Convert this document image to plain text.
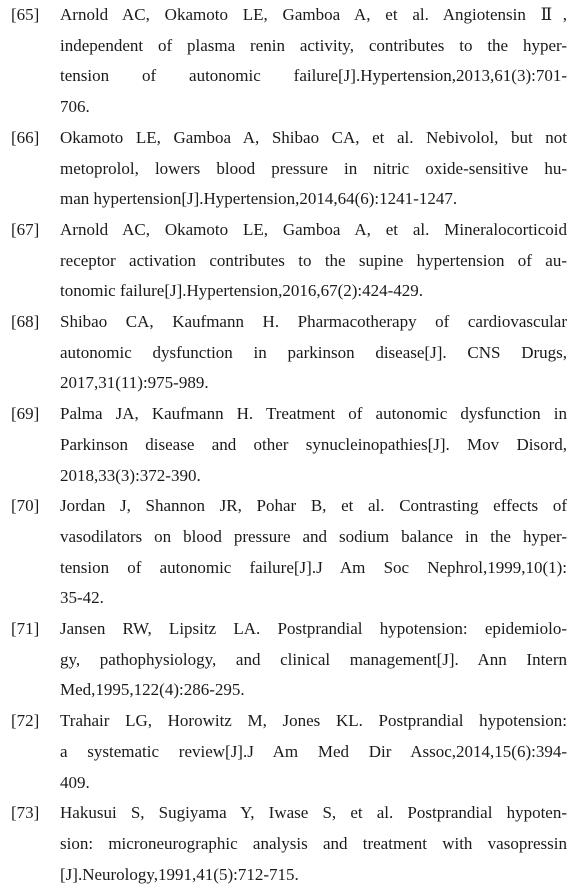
[65] Arnold AC, Okamoto LE, Gamboa A, et al. Angiotensin Ⅱ,
independent of plasma renin activity, contributes to the hyper-
tension of autonomic failure[J].Hypertension,2013,61(3):701-
706.
[66] Okamoto LE, Gamboa A, Shibao CA, et al. Nebivolol, but not
metoprolol, lowers blood pressure in nitric oxide-sensitive hu-
man hypertension[J].Hypertension,2014,64(6):1241-1247.
[67] Arnold AC, Okamoto LE, Gamboa A, et al. Mineralocorticoid
receptor activation contributes to the supine hypertension of au-
tonomic failure[J].Hypertension,2016,67(2):424-429.
[68] Shibao CA, Kaufmann H. Pharmacotherapy of cardiovascular
autonomic dysfunction in parkinson disease[J]. CNS Drugs,
2017,31(11):975-989.
[69] Palma JA, Kaufmann H. Treatment of autonomic dysfunction in
Parkinson disease and other synucleinopathies[J]. Mov Disord,
2018,33(3):372-390.
[70] Jordan J, Shannon JR, Pohar B, et al. Contrasting effects of
vasodilators on blood pressure and sodium balance in the hyper-
tension of autonomic failure[J].J Am Soc Nephrol,1999,10(1):
35-42.
[71] Jansen RW, Lipsitz LA. Postprandial hypotension: epidemiolo-
gy, pathophysiology, and clinical management[J]. Ann Intern
Med,1995,122(4):286-295.
[72] Trahair LG, Horowitz M, Jones KL. Postprandial hypotension:
a systematic review[J].J Am Med Dir Assoc,2014,15(6):394-
409.
[73] Hakusui S, Sugiyama Y, Iwase S, et al. Postprandial hypoten-
sion: microneurographic analysis and treatment with vasopressin
[J].Neurology,1991,41(5):712-715.
